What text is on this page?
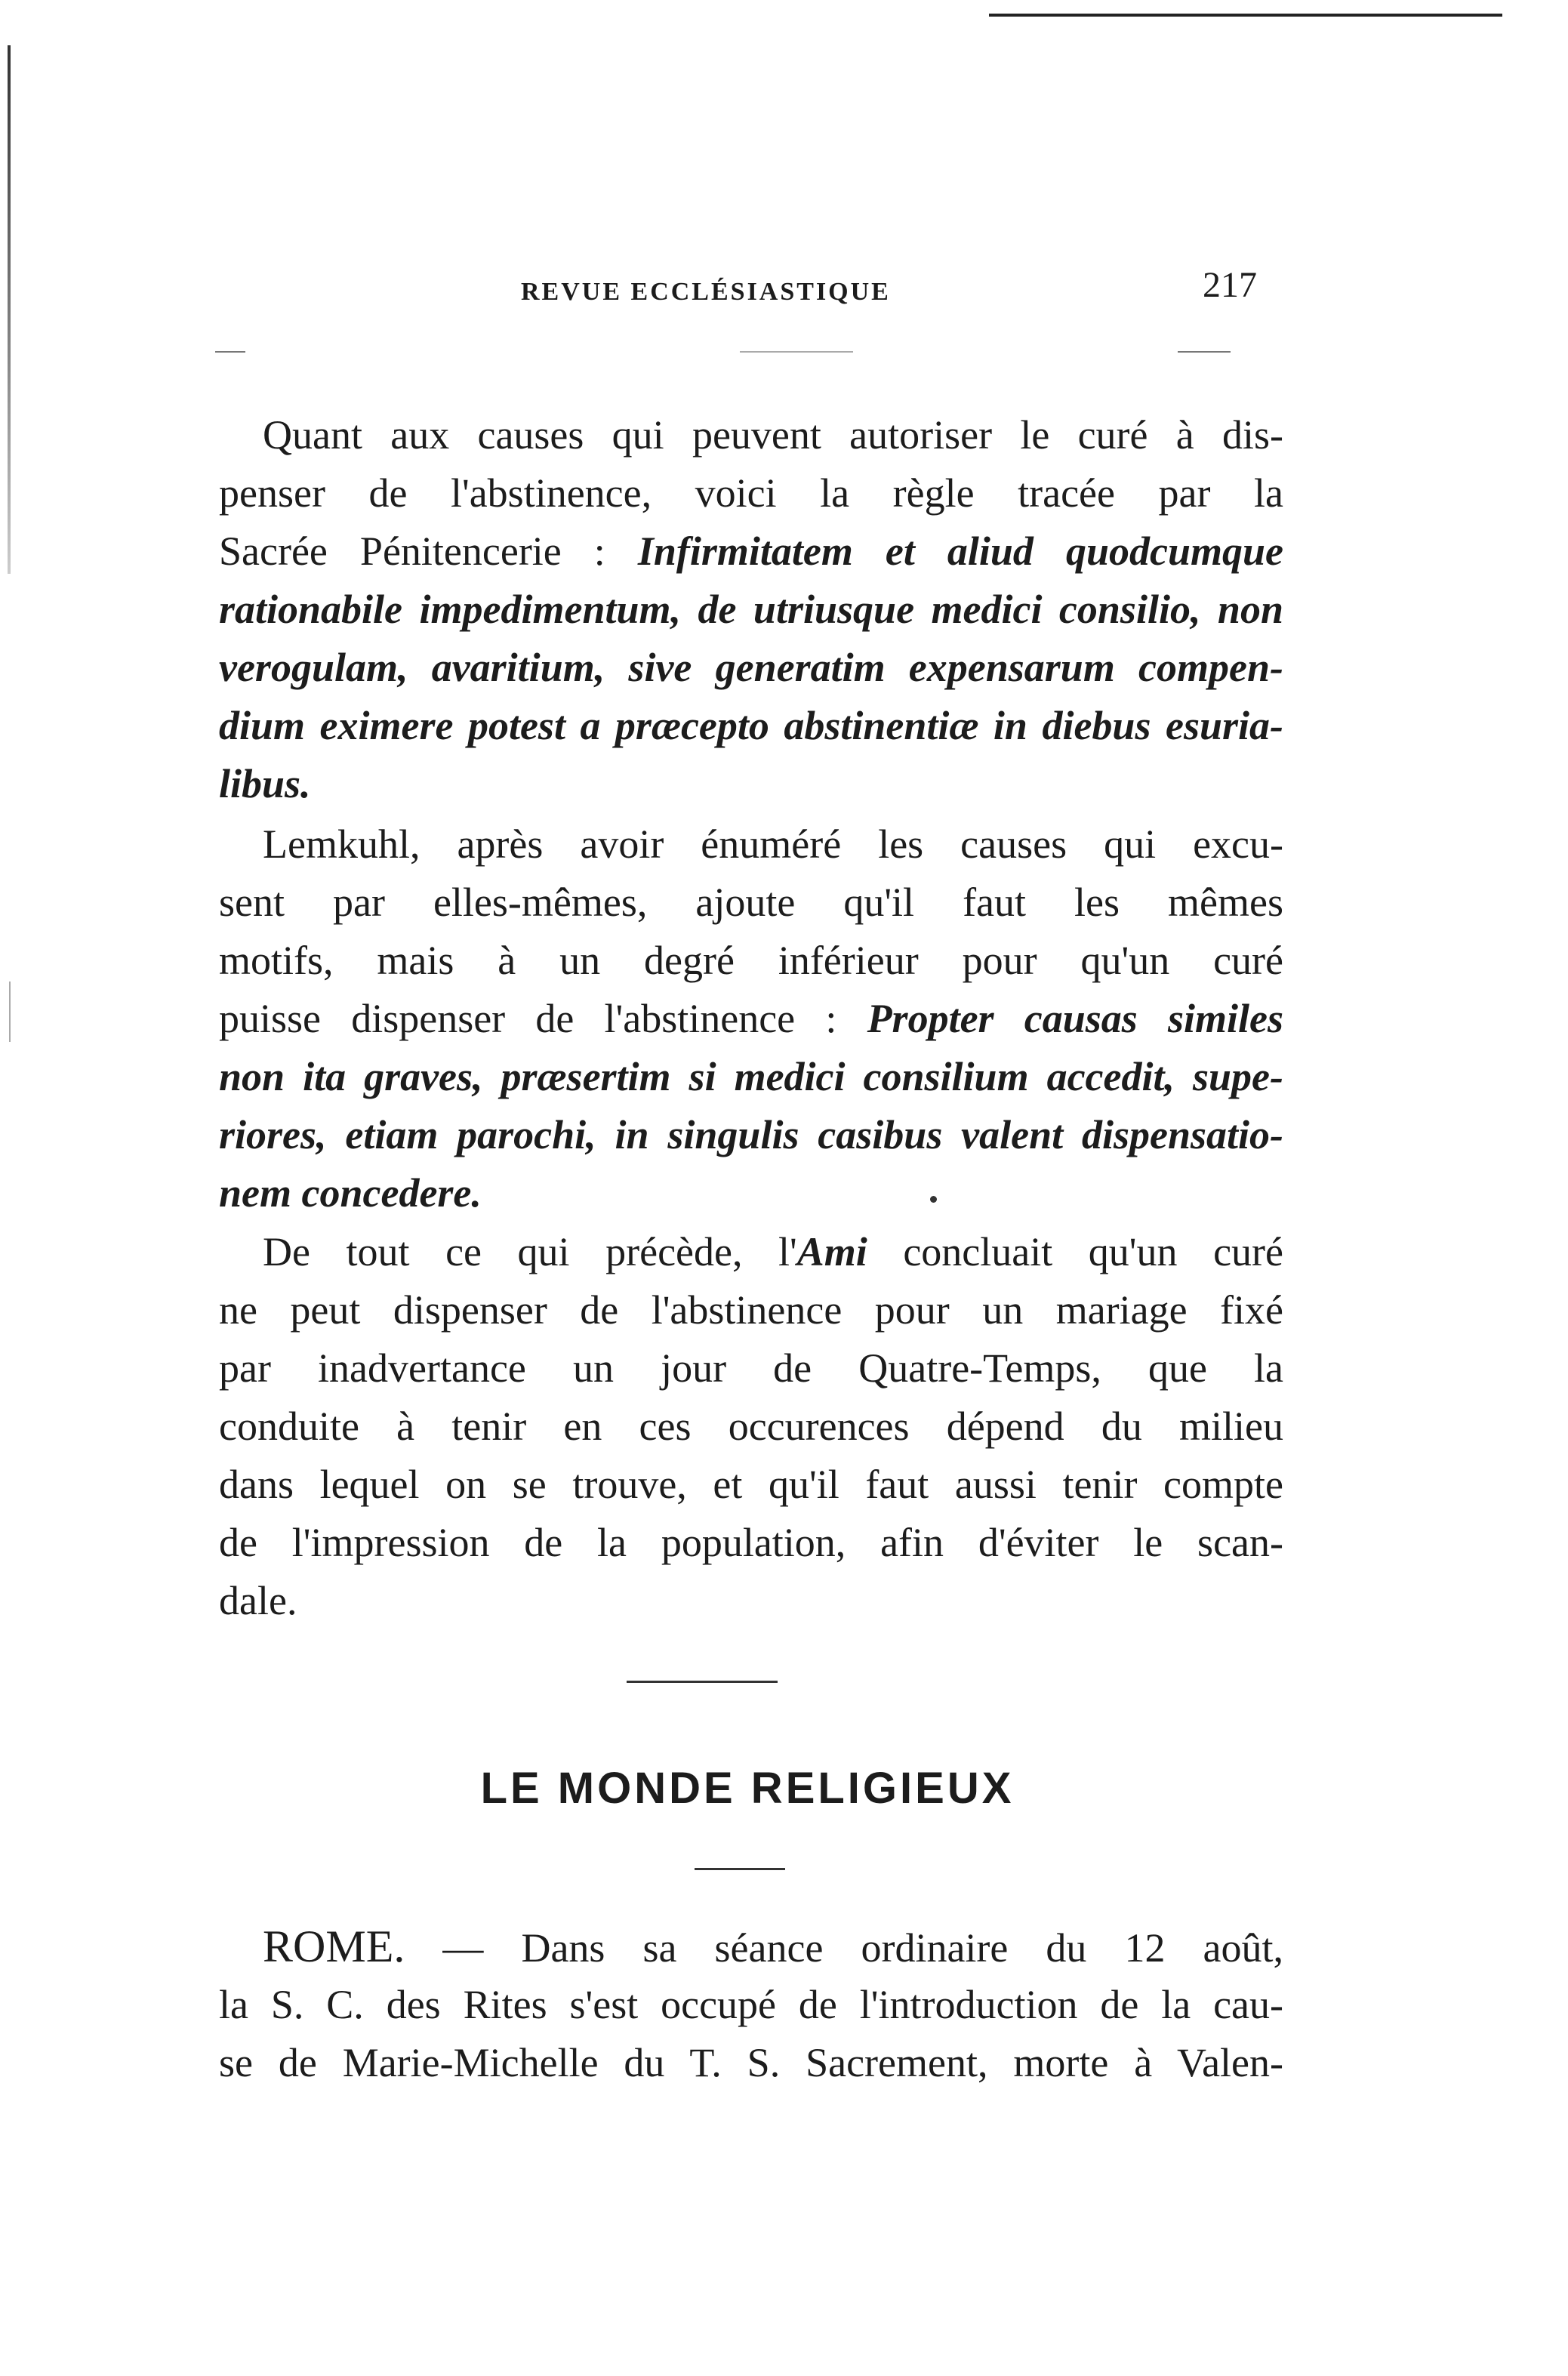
REVUE ECCLÉSIASTIQUE	217
Quant aux causes qui peuvent autoriser le curé à dis-
penser de l'abstinence, voici la règle tracée par la
Sacrée Pénitencerie : Infirmitatem et aliud quodcumque
rationabile impedimentum, de utriusque medici consilio, non
verogulam, avaritium, sive generatim expensarum compen-
dium eximere potest a præcepto abstinentiæ in diebus esuria-
libus.
Lemkuhl, après avoir énuméré les causes qui excu-
sent par elles-mêmes, ajoute qu'il faut les mêmes
motifs, mais à un degré inférieur pour qu'un curé
puisse dispenser de l'abstinence : Propter causas similes
non ita graves, præsertim si medici consilium accedit, supe-
riores, etiam parochi, in singulis casibus valent dispensatio-
nem concedere.
De tout ce qui précède, l'Ami concluait qu'un curé
ne peut dispenser de l'abstinence pour un mariage fixé
par inadvertance un jour de Quatre-Temps, que la
conduite à tenir en ces occurences dépend du milieu
dans lequel on se trouve, et qu'il faut aussi tenir compte
de l'impression de la population, afin d'éviter le scan-
dale.
LE MONDE RELIGIEUX
ROME. — Dans sa séance ordinaire du 12 août,
la S. C. des Rites s'est occupé de l'introduction de la cau-
se de Marie-Michelle du T. S. Sacrement, morte à Valen-
